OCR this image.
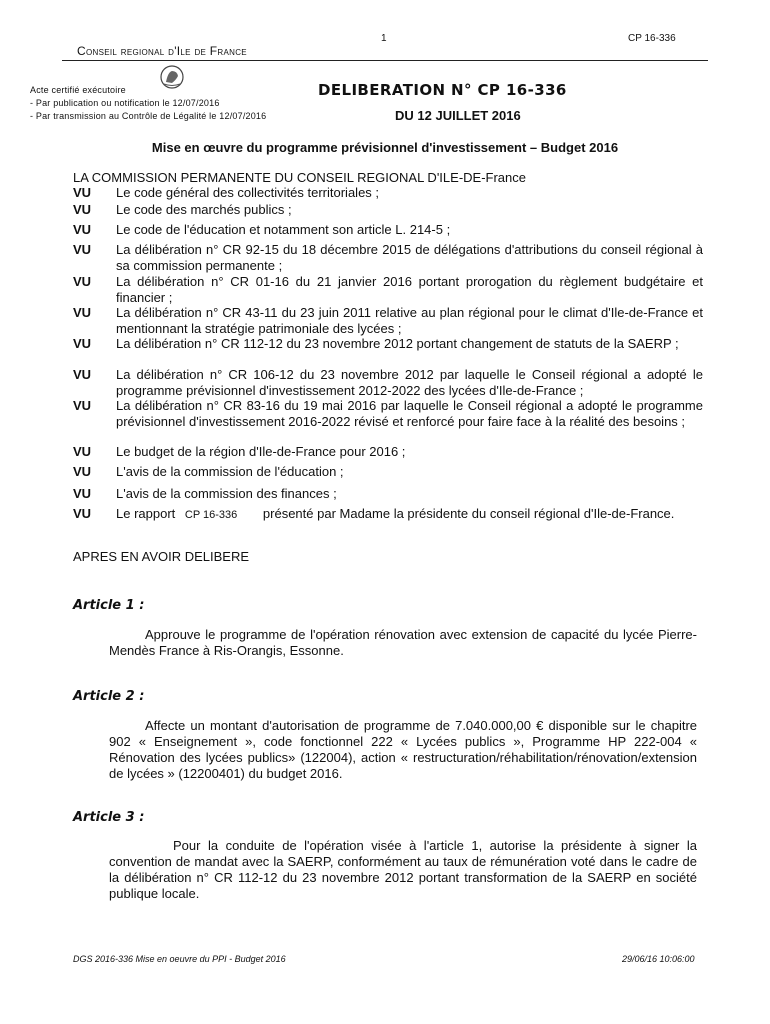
1	CP 16-336
Conseil regional d'Ile de France
Acte certifié exécutoire
- Par publication ou notification le 12/07/2016
- Par transmission au Contrôle de Légalité le 12/07/2016
DELIBERATION N° CP 16-336
DU 12 JUILLET 2016
Mise en œuvre du programme prévisionnel d'investissement – Budget 2016
LA COMMISSION PERMANENTE DU CONSEIL REGIONAL D'ILE-DE-France
VU Le code général des collectivités territoriales ;
VU Le code des marchés publics ;
VU Le code de l'éducation et notamment son article L. 214-5 ;
VU La délibération n° CR 92-15 du 18 décembre 2015 de délégations d'attributions du conseil régional à sa commission permanente ;
VU La délibération n° CR 01-16 du 21 janvier 2016 portant prorogation du règlement budgétaire et financier ;
VU La délibération n° CR 43-11 du 23 juin 2011 relative au plan régional pour le climat d'Ile-de-France et mentionnant la stratégie patrimoniale des lycées ;
VU La délibération n° CR 112-12 du 23 novembre 2012 portant changement de statuts de la SAERP ;
VU La délibération n° CR 106-12 du 23 novembre 2012 par laquelle le Conseil régional a adopté le programme prévisionnel d'investissement 2012-2022 des lycées d'Ile-de-France ;
VU La délibération n° CR 83-16 du 19 mai 2016 par laquelle le Conseil régional a adopté le programme prévisionnel d'investissement 2016-2022 révisé et renforcé pour faire face à la réalité des besoins ;
VU Le budget de la région d'Ile-de-France pour 2016 ;
VU L'avis de la commission de l'éducation ;
VU L'avis de la commission des finances ;
VU Le rapport CP 16-336 présenté par Madame la présidente du conseil régional d'Ile-de-France.
APRES EN AVOIR DELIBERE
Article 1 :
Approuve le programme de l'opération rénovation avec extension de capacité du lycée Pierre-Mendès France à Ris-Orangis, Essonne.
Article 2 :
Affecte un montant d'autorisation de programme de 7.040.000,00 € disponible sur le chapitre 902 « Enseignement », code fonctionnel 222 « Lycées publics », Programme HP 222-004 « Rénovation des lycées publics» (122004), action « restructuration/réhabilitation/rénovation/extension de lycées » (12200401) du budget 2016.
Article 3 :
Pour la conduite de l'opération visée à l'article 1, autorise la présidente à signer la convention de mandat avec la SAERP, conformément au taux de rémunération voté dans le cadre de la délibération n° CR 112-12 du 23 novembre 2012 portant transformation de la SAERP en société publique locale.
DGS 2016-336 Mise en oeuvre du PPI - Budget 2016	29/06/16 10:06:00
